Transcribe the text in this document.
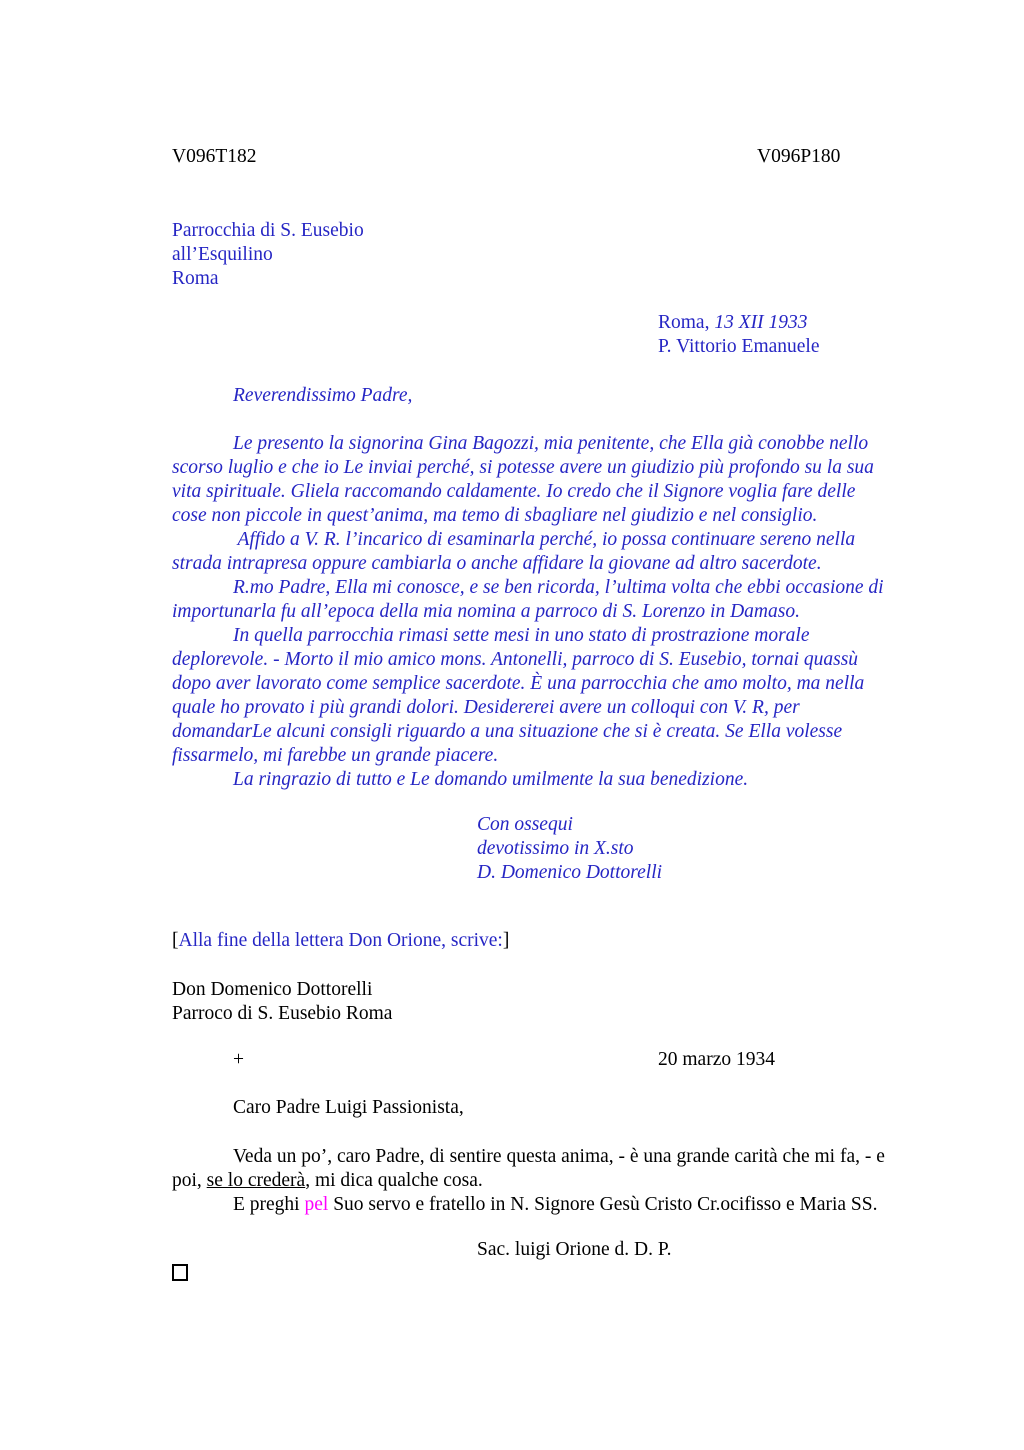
V096T182	V096P180
Parrocchia di S. Eusebio
all’Esquilino
Roma
Roma, 13 XII 1933
P. Vittorio Emanuele
Reverendissimo Padre,
Le presento la signorina Gina Bagozzi, mia penitente, che Ella già conobbe nello
scorso luglio e che io Le inviai perché, si potesse avere un giudizio più profondo su la sua
vita spirituale. Gliela raccomando caldamente. Io credo che il Signore voglia fare delle
cose non piccole in quest’anima, ma temo di sbagliare nel giudizio e nel consiglio.
Affido a V. R. l’incarico di esaminarla perché, io possa continuare sereno nella
strada intrapresa oppure cambiarla o anche affidare la giovane ad altro sacerdote.
R.mo Padre, Ella mi conosce, e se ben ricorda, l’ultima volta che ebbi occasione di
importunarla fu all’epoca della mia nomina a parroco di S. Lorenzo in Damaso.
In quella parrocchia rimasi sette mesi in uno stato di prostrazione morale
deplorevole. - Morto il mio amico mons. Antonelli, parroco di S. Eusebio, tornai quassù
dopo aver lavorato come semplice sacerdote. È una parrocchia che amo molto, ma nella
quale ho provato i più grandi dolori. Desidererei avere un colloqui con V. R, per
domandarLe alcuni consigli riguardo a una situazione che si è creata. Se Ella volesse
fissarmelo, mi farebbe un grande piacere.
La ringrazio di tutto e Le domando umilmente la sua benedizione.
Con ossequi
devotissimo in X.sto
D. Domenico Dottorelli
[Alla fine della lettera Don Orione, scrive:]
Don Domenico Dottorelli
Parroco di S. Eusebio Roma
+	20 marzo 1934
Caro Padre Luigi Passionista,
Veda un po’, caro Padre, di sentire questa anima, - è una grande carità che mi fa, - e
poi, se lo crederà, mi dica qualche cosa.
E preghi pel Suo servo e fratello in N. Signore Gesù Cristo Cr.ocifisso e Maria SS.
Sac. luigi Orione d. D. P.
